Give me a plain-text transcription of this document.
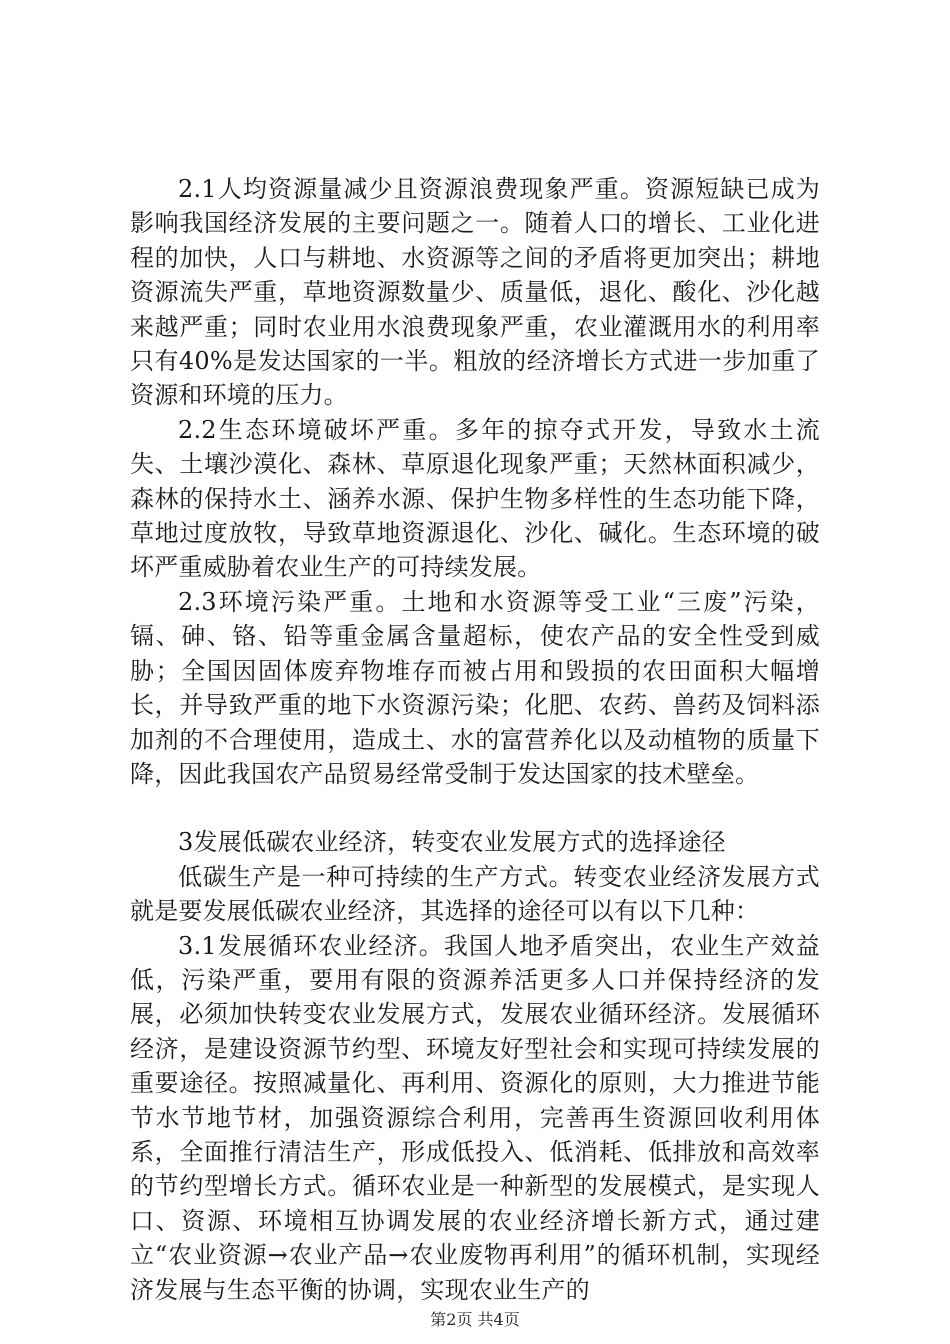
2.1人均资源量减少且资源浪费现象严重。资源短缺已成为影响我国经济发展的主要问题之一。随着人口的增长、工业化进程的加快，人口与耕地、水资源等之间的矛盾将更加突出；耕地资源流失严重，草地资源数量少、质量低，退化、酸化、沙化越来越严重；同时农业用水浪费现象严重，农业灌溉用水的利用率只有40%是发达国家的一半。粗放的经济增长方式进一步加重了资源和环境的压力。

2.2生态环境破坏严重。多年的掠夺式开发，导致水土流失、土壤沙漠化、森林、草原退化现象严重；天然林面积减少，森林的保持水土、涵养水源、保护生物多样性的生态功能下降，草地过度放牧，导致草地资源退化、沙化、碱化。生态环境的破坏严重威胁着农业生产的可持续发展。

2.3环境污染严重。土地和水资源等受工业“三废”污染，镉、砷、铬、铅等重金属含量超标，使农产品的安全性受到威胁；全国因固体废弃物堆存而被占用和毁损的农田面积大幅增长，并导致严重的地下水资源污染；化肥、农药、兽药及饲料添加剂的不合理使用，造成土、水的富营养化以及动植物的质量下降，因此我国农产品贸易经常受制于发达国家的技术壁垒。

3发展低碳农业经济，转变农业发展方式的选择途径

低碳生产是一种可持续的生产方式。转变农业经济发展方式就是要发展低碳农业经济，其选择的途径可以有以下几种：

3.1发展循环农业经济。我国人地矛盾突出，农业生产效益低，污染严重，要用有限的资源养活更多人口并保持经济的发展，必须加快转变农业发展方式，发展农业循环经济。发展循环经济，是建设资源节约型、环境友好型社会和实现可持续发展的重要途径。按照减量化、再利用、资源化的原则，大力推进节能节水节地节材，加强资源综合利用，完善再生资源回收利用体系，全面推行清洁生产，形成低投入、低消耗、低排放和高效率的节约型增长方式。循环农业是一种新型的发展模式，是实现人口、资源、环境相互协调发展的农业经济增长新方式，通过建立“农业资源→农业产品→农业废物再利用”的循环机制，实现经济发展与生态平衡的协调，实现农业生产的

第2页 共4页
